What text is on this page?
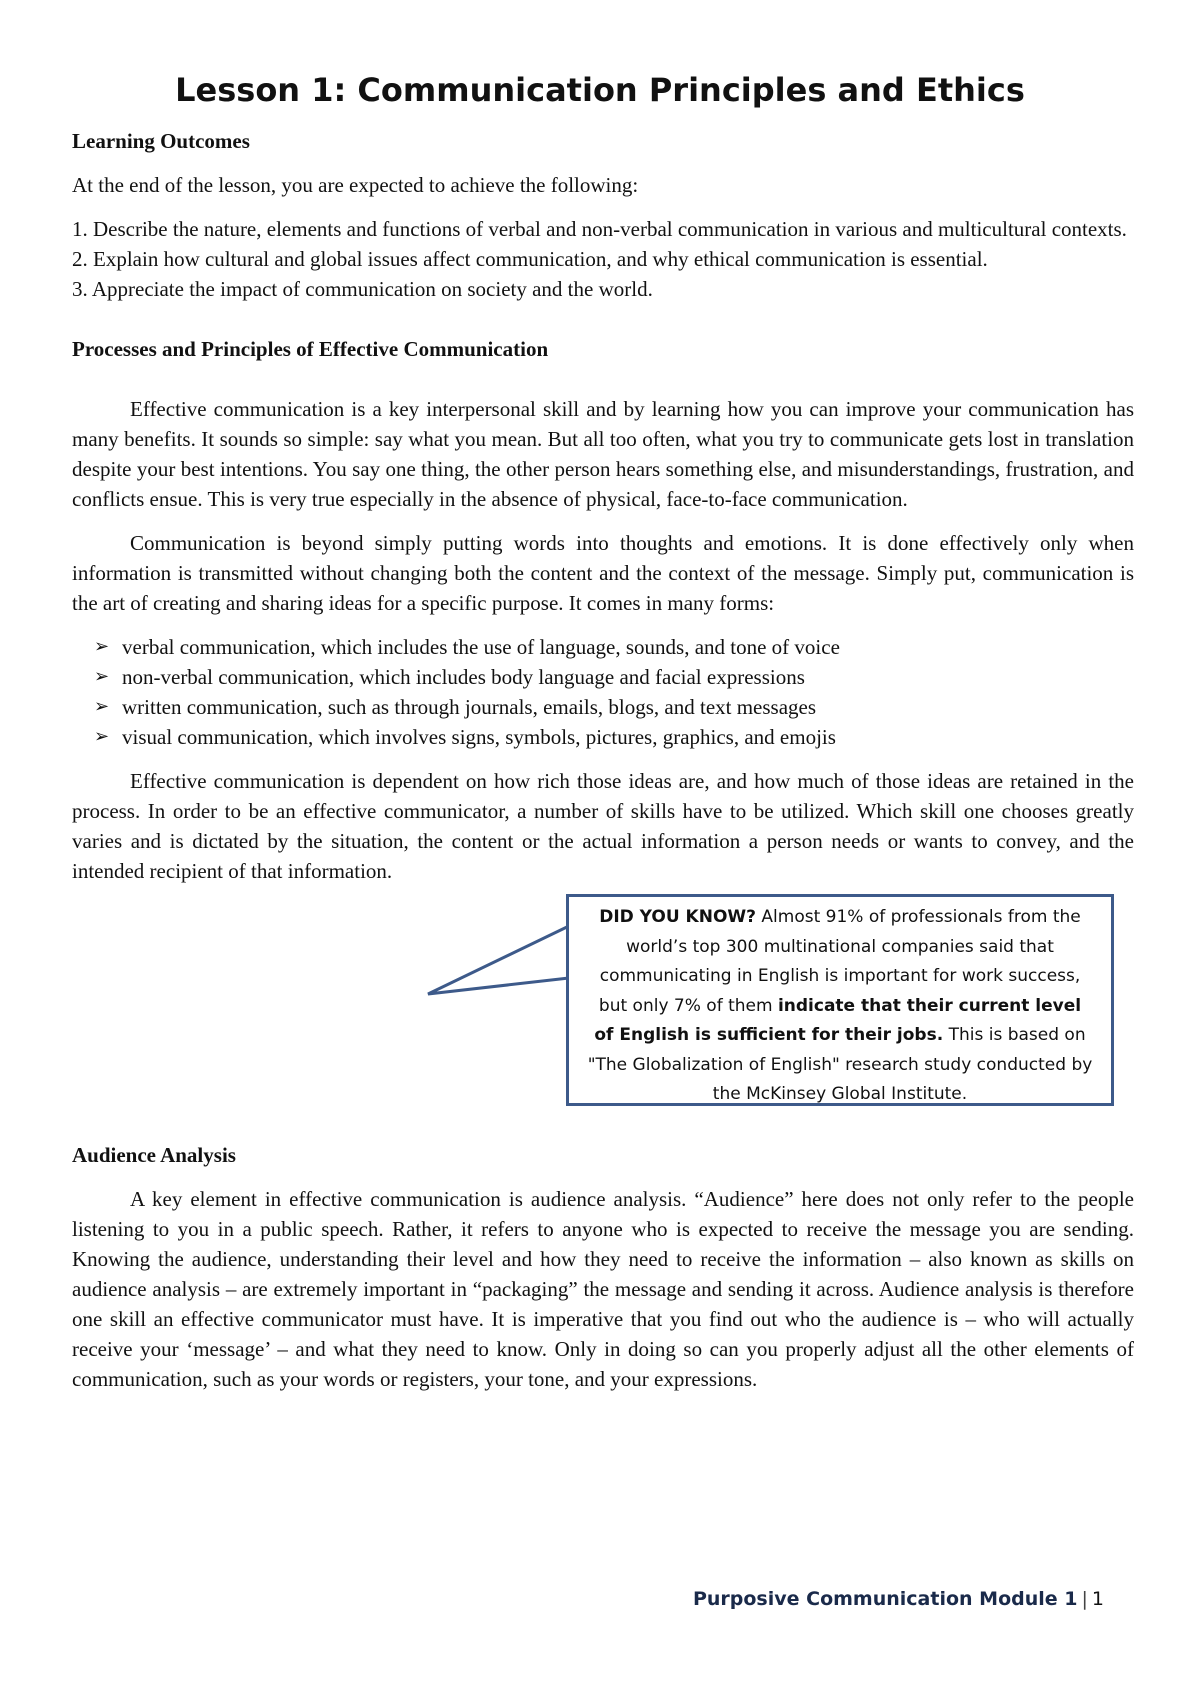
Lesson 1: Communication Principles and Ethics
Learning Outcomes

At the end of the lesson, you are expected to achieve the following:

1. Describe the nature, elements and functions of verbal and non-verbal communication in various and multicultural contexts.
2. Explain how cultural and global issues affect communication, and why ethical communication is essential.
3. Appreciate the impact of communication on society and the world.
Processes and Principles of Effective Communication

Effective communication is a key interpersonal skill and by learning how you can improve your communication has many benefits. It sounds so simple: say what you mean. But all too often, what you try to communicate gets lost in translation despite your best intentions. You say one thing, the other person hears something else, and misunderstandings, frustration, and conflicts ensue. This is very true especially in the absence of physical, face-to-face communication.

Communication is beyond simply putting words into thoughts and emotions. It is done effectively only when information is transmitted without changing both the content and the context of the message. Simply put, communication is the art of creating and sharing ideas for a specific purpose. It comes in many forms:

➢ verbal communication, which includes the use of language, sounds, and tone of voice
➢ non-verbal communication, which includes body language and facial expressions
➢ written communication, such as through journals, emails, blogs, and text messages
➢ visual communication, which involves signs, symbols, pictures, graphics, and emojis

Effective communication is dependent on how rich those ideas are, and how much of those ideas are retained in the process. In order to be an effective communicator, a number of skills have to be utilized. Which skill one chooses greatly varies and is dictated by the situation, the content or the actual information a person needs or wants to convey, and the intended recipient of that information.

DID YOU KNOW? Almost 91% of professionals from the world’s top 300 multinational companies said that communicating in English is important for work success, but only 7% of them indicate that their current level of English is sufficient for their jobs. This is based on "The Globalization of English" research study conducted by the McKinsey Global Institute.
Audience Analysis

A key element in effective communication is audience analysis. “Audience” here does not only refer to the people listening to you in a public speech. Rather, it refers to anyone who is expected to receive the message you are sending. Knowing the audience, understanding their level and how they need to receive the information – also known as skills on audience analysis – are extremely important in “packaging” the message and sending it across. Audience analysis is therefore one skill an effective communicator must have. It is imperative that you find out who the audience is – who will actually receive your ‘message’ – and what they need to know. Only in doing so can you properly adjust all the other elements of communication, such as your words or registers, your tone, and your expressions.

Purposive Communication Module 1 | 1
